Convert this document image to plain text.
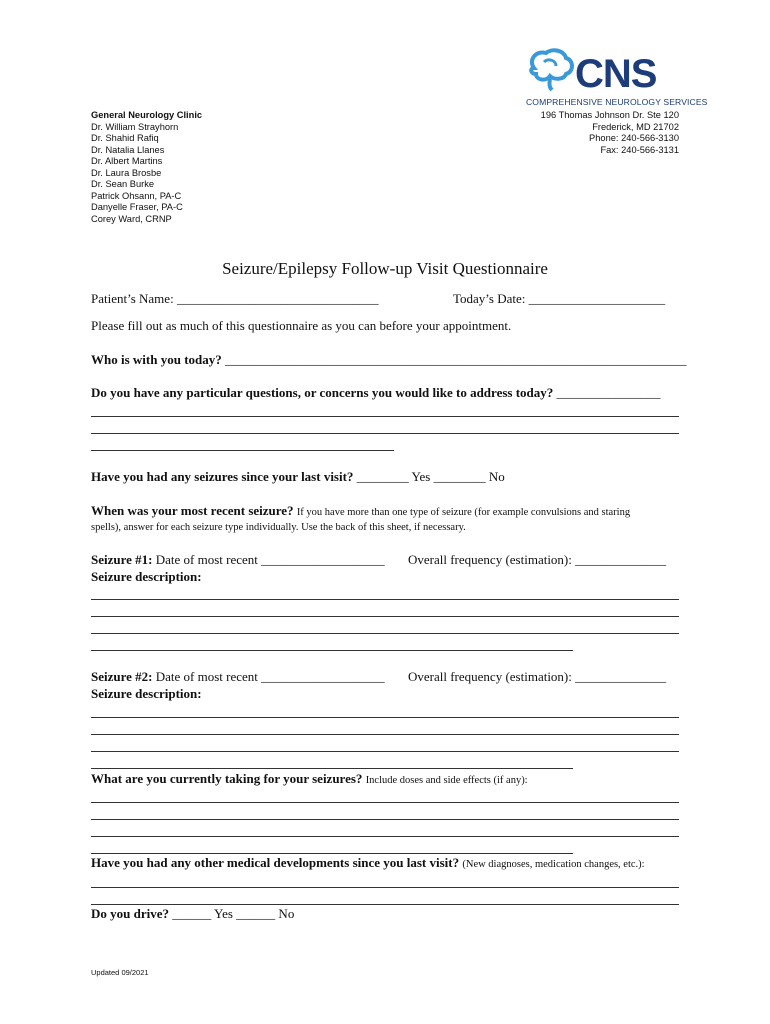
CNS
COMPREHENSIVE NEUROLOGY SERVICES
General Neurology Clinic
Dr. William Strayhorn
Dr. Shahid Rafiq
Dr. Natalia Llanes
Dr. Albert Martins
Dr. Laura Brosbe
Dr. Sean Burke
Patrick Ohsann, PA-C
Danyelle Fraser, PA-C
Corey Ward, CRNP
196 Thomas Johnson Dr. Ste 120
Frederick, MD 21702
Phone: 240-566-3130
Fax: 240-566-3131
Seizure/Epilepsy Follow-up Visit Questionnaire
Patient’s Name: _______________________________	Today’s Date: _____________________
Please fill out as much of this questionnaire as you can before your appointment.
Who is with you today? _______________________________________________________________________
Do you have any particular questions, or concerns you would like to address today? ________________
Have you had any seizures since your last visit? ________ Yes ________ No
When was your most recent seizure? If you have more than one type of seizure (for example convulsions and staring
spells), answer for each seizure type individually. Use the back of this sheet, if necessary.
Seizure #1: Date of most recent ___________________ Overall frequency (estimation): ______________
Seizure description:
Seizure #2: Date of most recent ___________________ Overall frequency (estimation): ______________
Seizure description:
What are you currently taking for your seizures? Include doses and side effects (if any):
Have you had any other medical developments since you last visit? (New diagnoses, medication changes, etc.):
Do you drive? ______ Yes ______ No
Updated 09/2021
